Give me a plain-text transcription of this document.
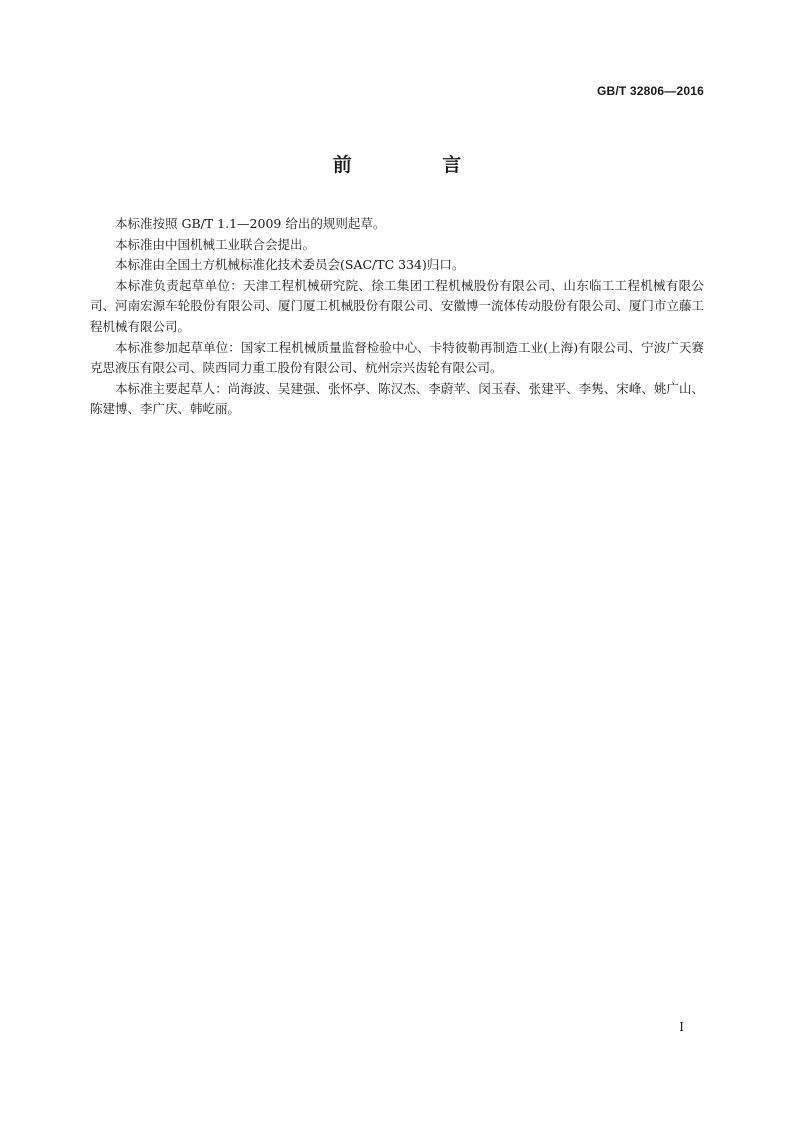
GB/T 32806—2016
前 言

本标准按照 GB/T 1.1—2009 给出的规则起草。

本标准由中国机械工业联合会提出。

本标准由全国土方机械标准化技术委员会(SAC/TC 334)归口。

本标准负责起草单位：天津工程机械研究院、徐工集团工程机械股份有限公司、山东临工工程机械有限公司、河南宏源车轮股份有限公司、厦门厦工机械股份有限公司、安徽博一流体传动股份有限公司、厦门市立藤工程机械有限公司。

本标准参加起草单位：国家工程机械质量监督检验中心、卡特彼勒再制造工业(上海)有限公司、宁波广天赛克思液压有限公司、陕西同力重工股份有限公司、杭州宗兴齿轮有限公司。

本标准主要起草人：尚海波、吴建强、张怀亭、陈汉杰、李蔚苹、闵玉春、张建平、李隽、宋峰、姚广山、陈建博、李广庆、韩屹丽。

I
